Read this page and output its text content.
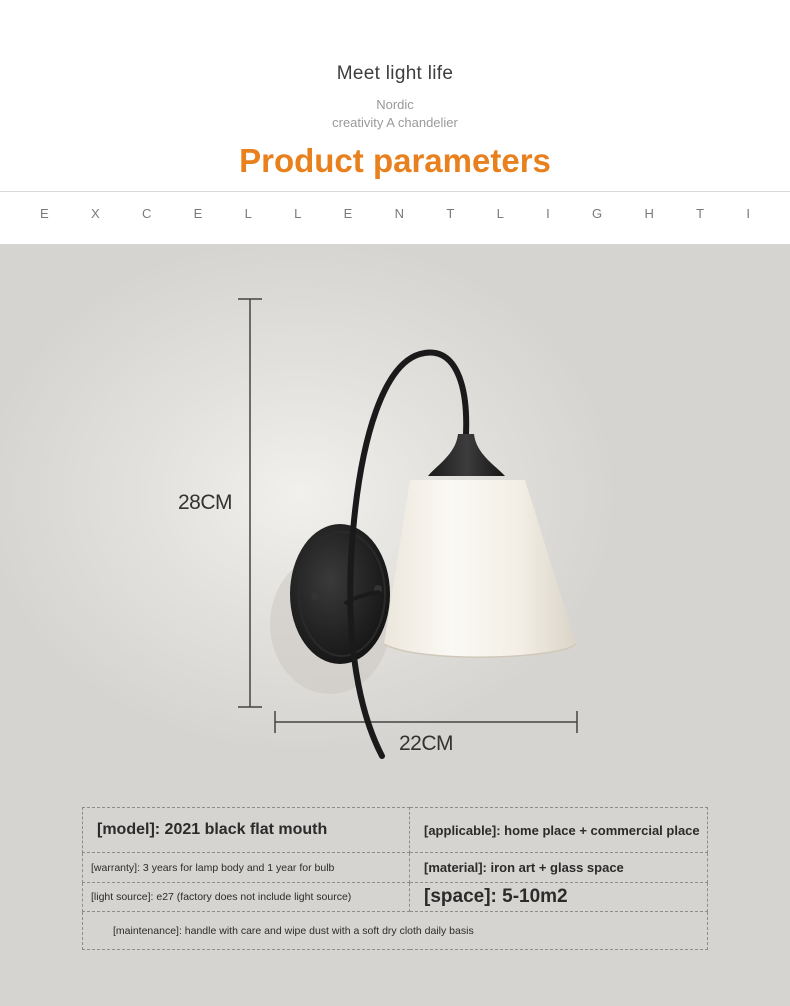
Meet light life
Nordic
creativity A chandelier
Product parameters
E	X	C	E	L	L	E	N	T	L	I	G	H	T	I
28CM
22CM
[model]: 2021 black flat mouth	[applicable]: home place + commercial place
[warranty]: 3 years for lamp body and 1 year for bulb	[material]: iron art + glass space
[light source]: e27 (factory does not include light source)	[space]: 5-10m2
[maintenance]: handle with care and wipe dust with a soft dry cloth daily basis	
